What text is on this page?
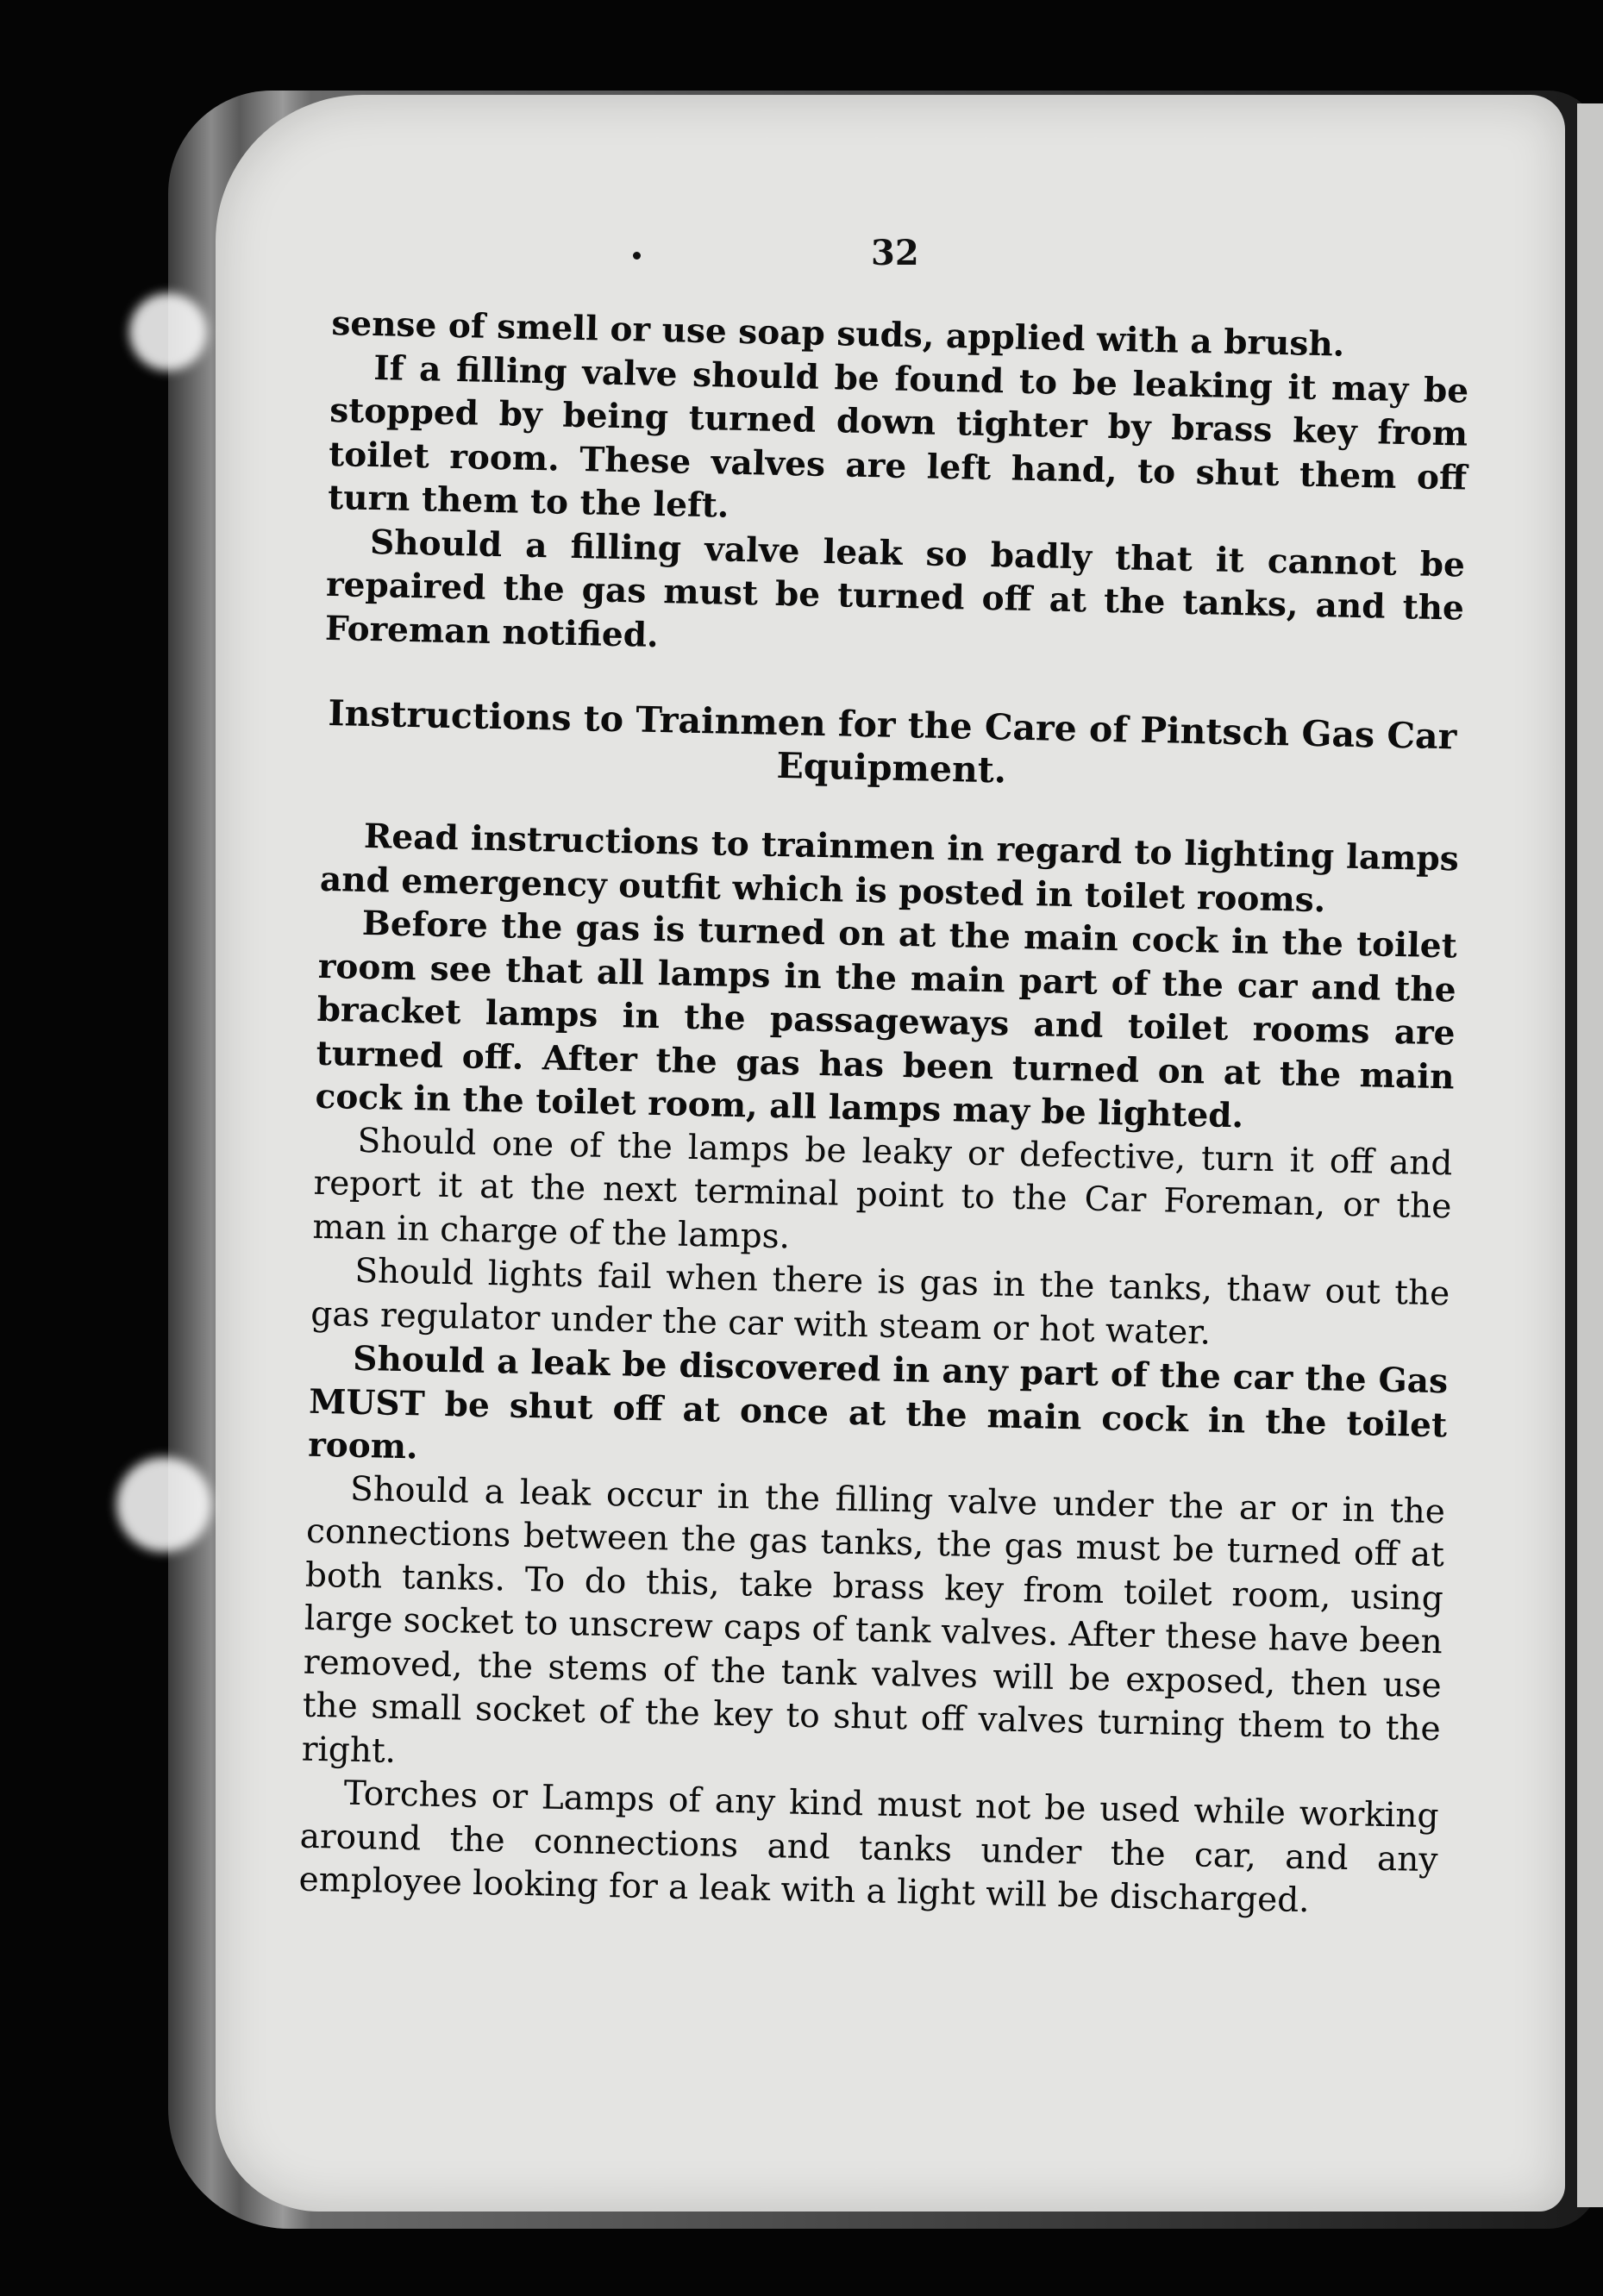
32

sense of smell or use soap suds, applied with a brush.

If a filling valve should be found to be leaking it may be stopped by being turned down tighter by brass key from toilet room. These valves are left hand, to shut them off turn them to the left.

Should a filling valve leak so badly that it cannot be repaired the gas must be turned off at the tanks, and the Foreman notified.

Instructions to Trainmen for the Care of Pintsch Gas Car Equipment.

Read instructions to trainmen in regard to lighting lamps and emergency outfit which is posted in toilet rooms.

Before the gas is turned on at the main cock in the toilet room see that all lamps in the main part of the car and the bracket lamps in the passageways and toilet rooms are turned off. After the gas has been turned on at the main cock in the toilet room, all lamps may be lighted.

Should one of the lamps be leaky or defective, turn it off and report it at the next terminal point to the Car Foreman, or the man in charge of the lamps.

Should lights fail when there is gas in the tanks, thaw out the gas regulator under the car with steam or hot water.

Should a leak be discovered in any part of the car the Gas MUST be shut off at once at the main cock in the toilet room.

Should a leak occur in the filling valve under the ar or in the connections between the gas tanks, the gas must be turned off at both tanks. To do this, take brass key from toilet room, using large socket to unscrew caps of tank valves. After these have been removed, the stems of the tank valves will be exposed, then use the small socket of the key to shut off valves turning them to the right.

Torches or Lamps of any kind must not be used while working around the connections and tanks under the car, and any employee looking for a leak with a light will be discharged.
